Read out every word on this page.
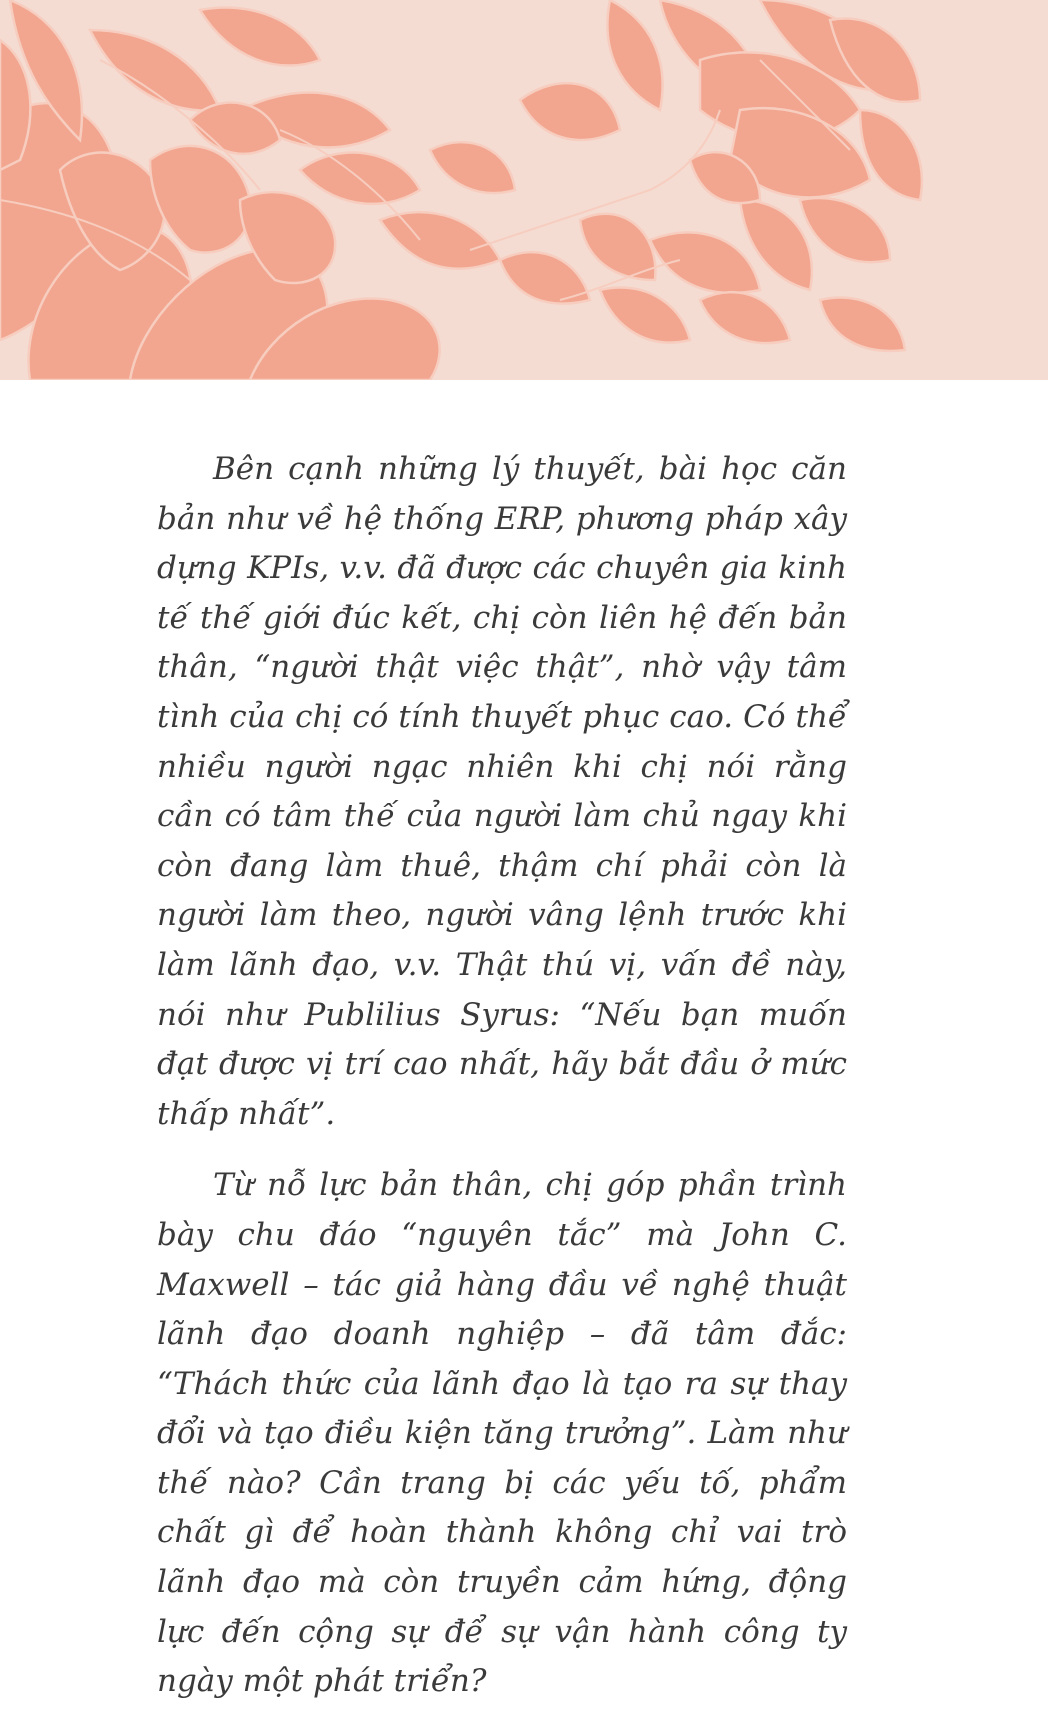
Bên cạnh những lý thuyết, bài học căn bản như về hệ thống ERP, phương pháp xây dựng KPIs, v.v. đã được các chuyên gia kinh tế thế giới đúc kết, chị còn liên hệ đến bản thân, “người thật việc thật”, nhờ vậy tâm tình của chị có tính thuyết phục cao. Có thể nhiều người ngạc nhiên khi chị nói rằng cần có tâm thế của người làm chủ ngay khi còn đang làm thuê, thậm chí phải còn là người làm theo, người vâng lệnh trước khi làm lãnh đạo, v.v. Thật thú vị, vấn đề này, nói như Publilius Syrus: “Nếu bạn muốn đạt được vị trí cao nhất, hãy bắt đầu ở mức thấp nhất”.

Từ nỗ lực bản thân, chị góp phần trình bày chu đáo “nguyên tắc” mà John C. Maxwell – tác giả hàng đầu về nghệ thuật lãnh đạo doanh nghiệp – đã tâm đắc: “Thách thức của lãnh đạo là tạo ra sự thay đổi và tạo điều kiện tăng trưởng”. Làm như thế nào? Cần trang bị các yếu tố, phẩm chất gì để hoàn thành không chỉ vai trò lãnh đạo mà còn truyền cảm hứng, động lực đến cộng sự để sự vận hành công ty ngày một phát triển?
